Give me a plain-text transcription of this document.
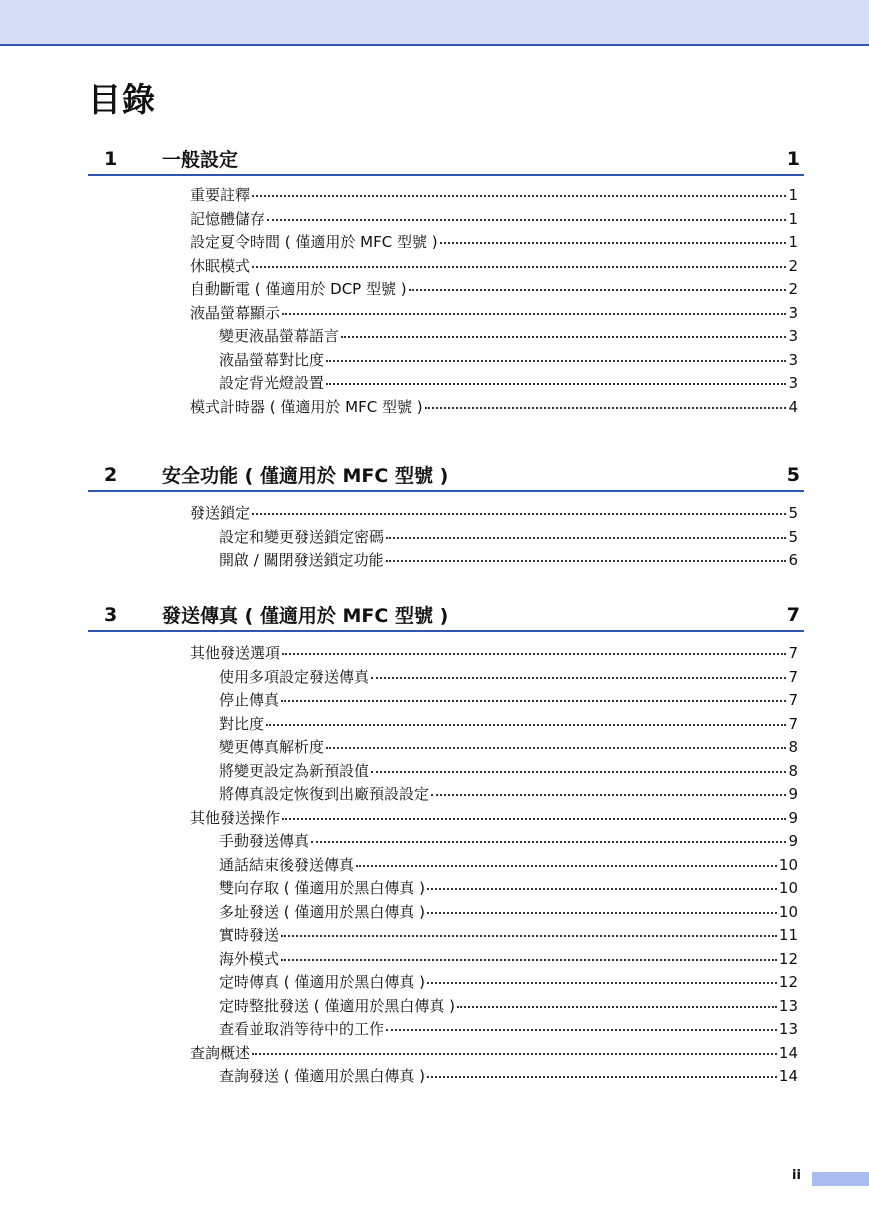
目錄
1 一般設定	1
重要註釋	1
記憶體儲存	1
設定夏令時間 ( 僅適用於 MFC 型號 )	1
休眠模式	2
自動斷電 ( 僅適用於 DCP 型號 )	2
液晶螢幕顯示	3
變更液晶螢幕語言	3
液晶螢幕對比度	3
設定背光燈設置	3
模式計時器 ( 僅適用於 MFC 型號 )	4
2 安全功能 ( 僅適用於 MFC 型號 )	5
發送鎖定	5
設定和變更發送鎖定密碼	5
開啟 / 關閉發送鎖定功能	6
3 發送傳真 ( 僅適用於 MFC 型號 )	7
其他發送選項	7
使用多項設定發送傳真	7
停止傳真	7
對比度	7
變更傳真解析度	8
將變更設定為新預設值	8
將傳真設定恢復到出廠預設設定	9
其他發送操作	9
手動發送傳真	9
通話結束後發送傳真	10
雙向存取 ( 僅適用於黑白傳真 )	10
多址發送 ( 僅適用於黑白傳真 )	10
實時發送	11
海外模式	12
定時傳真 ( 僅適用於黑白傳真 )	12
定時整批發送 ( 僅適用於黑白傳真 )	13
查看並取消等待中的工作	13
查詢概述	14
查詢發送 ( 僅適用於黑白傳真 )	14
ii
